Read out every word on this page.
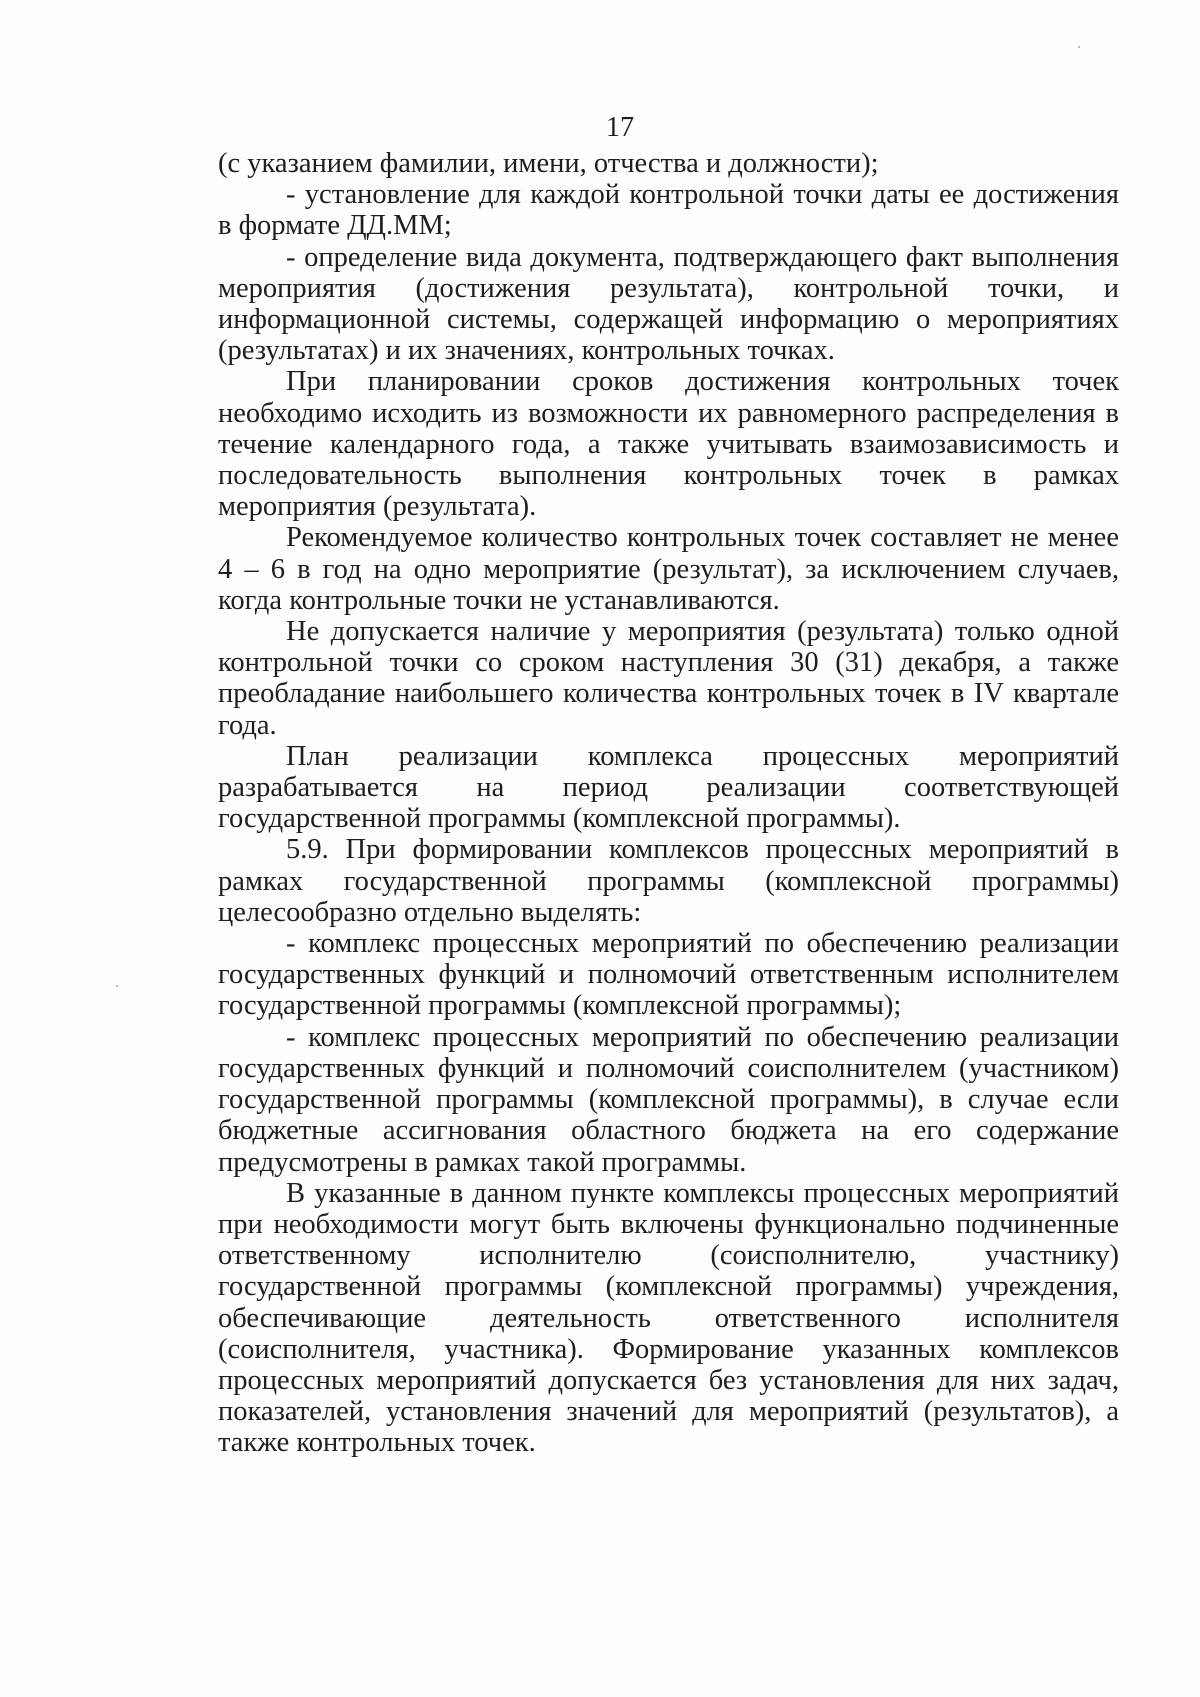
17

(с указанием фамилии, имени, отчества и должности);

- установление для каждой контрольной точки даты ее достижения в формате ДД.ММ;

- определение вида документа, подтверждающего факт выполнения мероприятия (достижения результата), контрольной точки, и информационной системы, содержащей информацию о мероприятиях (результатах) и их значениях, контрольных точках.

При планировании сроков достижения контрольных точек необходимо исходить из возможности их равномерного распределения в течение календарного года, а также учитывать взаимозависимость и последовательность выполнения контрольных точек в рамках мероприятия (результата).

Рекомендуемое количество контрольных точек составляет не менее 4 – 6 в год на одно мероприятие (результат), за исключением случаев, когда контрольные точки не устанавливаются.

Не допускается наличие у мероприятия (результата) только одной контрольной точки со сроком наступления 30 (31) декабря, а также преобладание наибольшего количества контрольных точек в IV квартале года.

План реализации комплекса процессных мероприятий разрабатывается на период реализации соответствующей государственной программы (комплексной программы).

5.9. При формировании комплексов процессных мероприятий в рамках государственной программы (комплексной программы) целесообразно отдельно выделять:

- комплекс процессных мероприятий по обеспечению реализации государственных функций и полномочий ответственным исполнителем государственной программы (комплексной программы);

- комплекс процессных мероприятий по обеспечению реализации государственных функций и полномочий соисполнителем (участником) государственной программы (комплексной программы), в случае если бюджетные ассигнования областного бюджета на его содержание предусмотрены в рамках такой программы.

В указанные в данном пункте комплексы процессных мероприятий при необходимости могут быть включены функционально подчиненные ответственному исполнителю (соисполнителю, участнику) государственной программы (комплексной программы) учреждения, обеспечивающие деятельность ответственного исполнителя (соисполнителя, участника). Формирование указанных комплексов процессных мероприятий допускается без установления для них задач, показателей, установления значений для мероприятий (результатов), а также контрольных точек.
